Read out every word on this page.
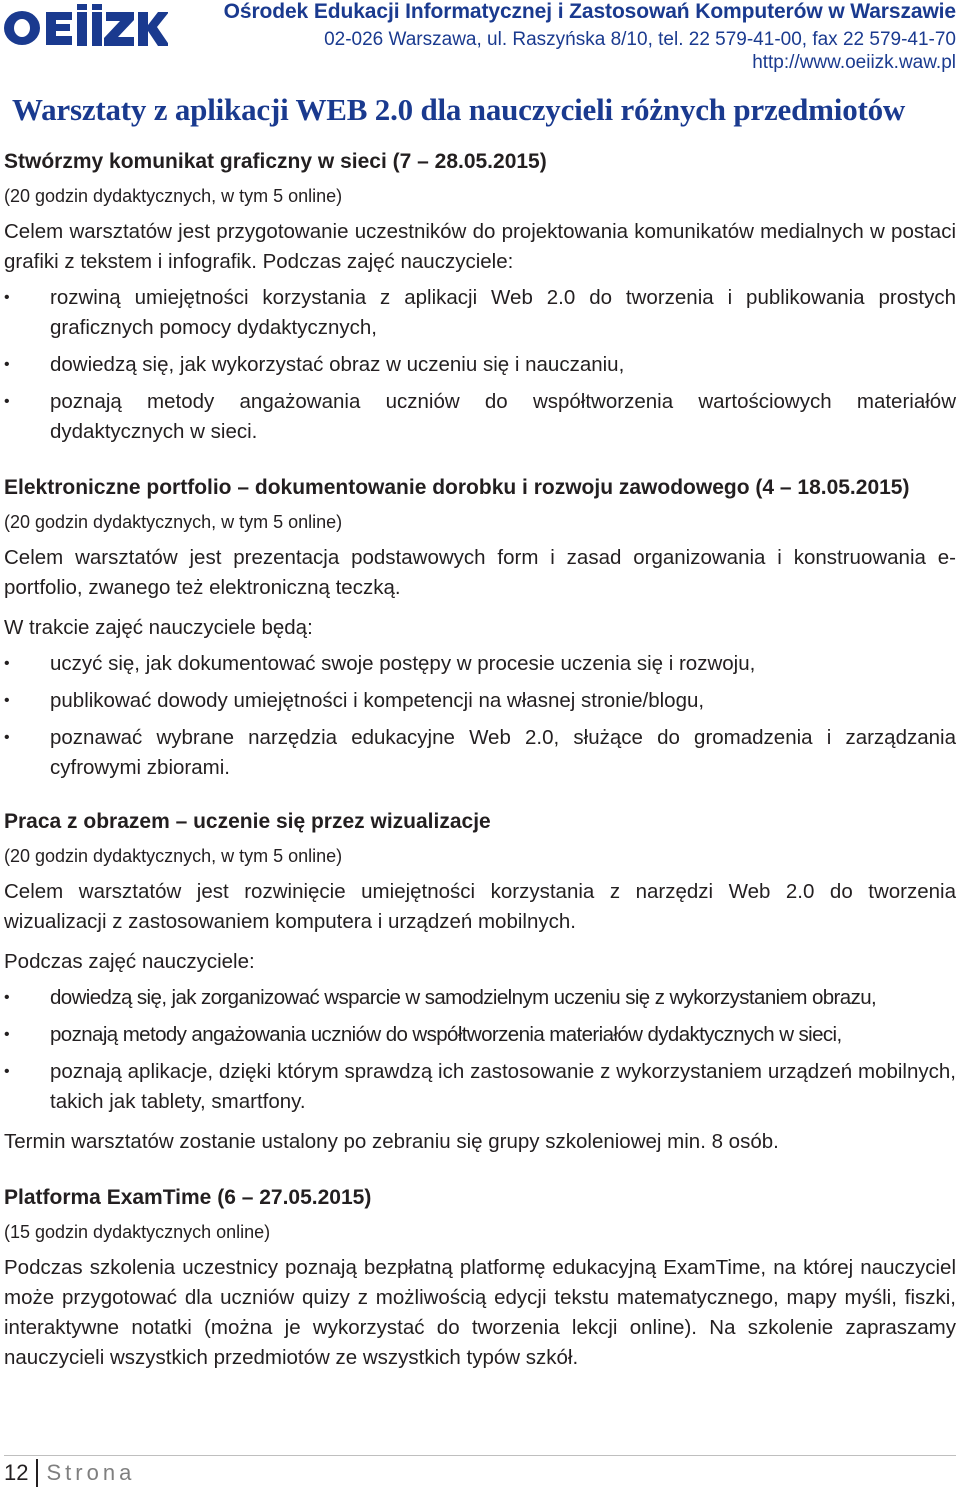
Ośrodek Edukacji Informatycznej i Zastosowań Komputerów w Warszawie
02-026 Warszawa, ul. Raszyńska 8/10, tel. 22 579-41-00, fax 22 579-41-70
http://www.oeiizk.waw.pl
Warsztaty z aplikacji WEB 2.0 dla nauczycieli różnych przedmiotów
Stwórzmy komunikat graficzny w sieci (7 – 28.05.2015)
(20 godzin dydaktycznych, w tym 5 online)
Celem warsztatów jest przygotowanie uczestników do projektowania komunikatów medialnych w postaci grafiki z tekstem i infografik. Podczas zajęć nauczyciele:
• rozwiną umiejętności korzystania z aplikacji Web 2.0 do tworzenia i publikowania prostych graficznych pomocy dydaktycznych,
• dowiedzą się, jak wykorzystać obraz w uczeniu się i nauczaniu,
• poznają metody angażowania uczniów do współtworzenia wartościowych materiałów dydaktycznych w sieci.
Elektroniczne portfolio – dokumentowanie dorobku i rozwoju zawodowego (4 – 18.05.2015)
(20 godzin dydaktycznych, w tym 5 online)
Celem warsztatów jest prezentacja podstawowych form i zasad organizowania i konstruowania e-portfolio, zwanego też elektroniczną teczką.
W trakcie zajęć nauczyciele będą:
• uczyć się, jak dokumentować swoje postępy w procesie uczenia się i rozwoju,
• publikować dowody umiejętności i kompetencji na własnej stronie/blogu,
• poznawać wybrane narzędzia edukacyjne Web 2.0, służące do gromadzenia i zarządzania cyfrowymi zbiorami.
Praca z obrazem – uczenie się przez wizualizacje
(20 godzin dydaktycznych, w tym 5 online)
Celem warsztatów jest rozwinięcie umiejętności korzystania z narzędzi Web 2.0 do tworzenia wizualizacji z zastosowaniem komputera i urządzeń mobilnych.
Podczas zajęć nauczyciele:
• dowiedzą się, jak zorganizować wsparcie w samodzielnym uczeniu się z wykorzystaniem obrazu,
• poznają metody angażowania uczniów do współtworzenia materiałów dydaktycznych w sieci,
• poznają aplikacje, dzięki którym sprawdzą ich zastosowanie z wykorzystaniem urządzeń mobilnych, takich jak tablety, smartfony.
Termin warsztatów zostanie ustalony po zebraniu się grupy szkoleniowej min. 8 osób.
Platforma ExamTime (6 – 27.05.2015)
(15 godzin dydaktycznych online)
Podczas szkolenia uczestnicy poznają bezpłatną platformę edukacyjną ExamTime, na której nauczyciel może przygotować dla uczniów quizy z możliwością edycji tekstu matematycznego, mapy myśli, fiszki, interaktywne notatki (można je wykorzystać do tworzenia lekcji online). Na szkolenie zapraszamy nauczycieli wszystkich przedmiotów ze wszystkich typów szkół.
12 Strona
